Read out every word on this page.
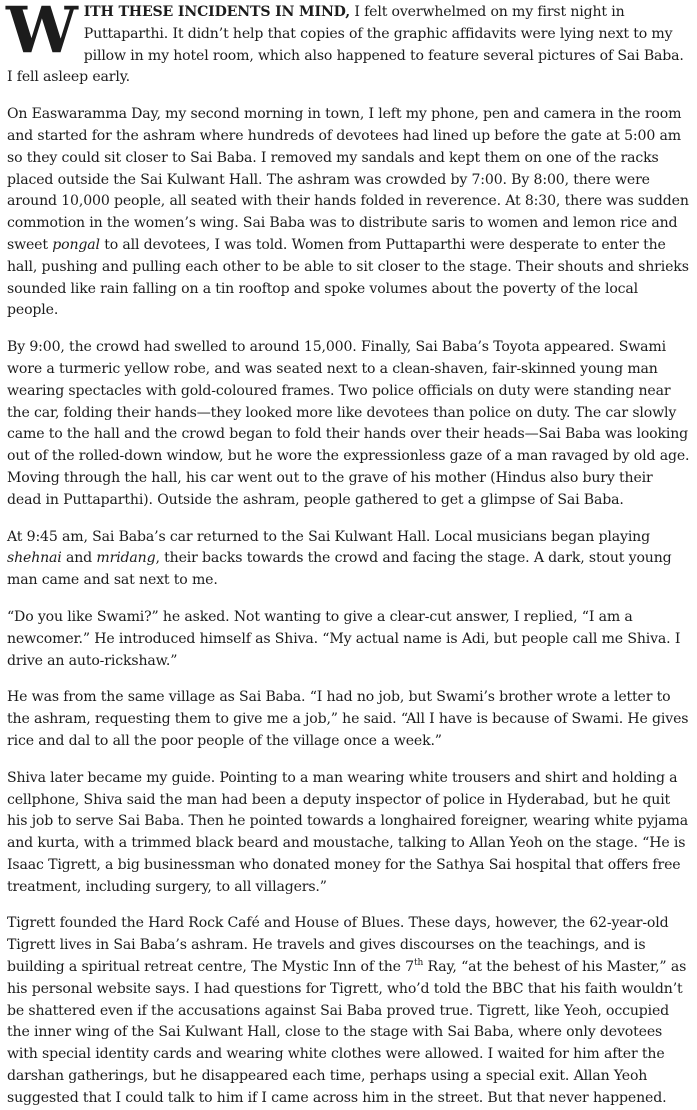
WITH THESE INCIDENTS IN MIND, I felt overwhelmed on my first night in Puttaparthi. It didn’t help that copies of the graphic affidavits were lying next to my pillow in my hotel room, which also happened to feature several pictures of Sai Baba. I fell asleep early.

On Easwaramma Day, my second morning in town, I left my phone, pen and camera in the room and started for the ashram where hundreds of devotees had lined up before the gate at 5:00 am so they could sit closer to Sai Baba. I removed my sandals and kept them on one of the racks placed outside the Sai Kulwant Hall. The ashram was crowded by 7:00. By 8:00, there were around 10,000 people, all seated with their hands folded in reverence. At 8:30, there was sudden commotion in the women’s wing. Sai Baba was to distribute saris to women and lemon rice and sweet pongal to all devotees, I was told. Women from Puttaparthi were desperate to enter the hall, pushing and pulling each other to be able to sit closer to the stage. Their shouts and shrieks sounded like rain falling on a tin rooftop and spoke volumes about the poverty of the local people.

By 9:00, the crowd had swelled to around 15,000. Finally, Sai Baba’s Toyota appeared. Swami wore a turmeric yellow robe, and was seated next to a clean-shaven, fair-skinned young man wearing spectacles with gold-coloured frames. Two police officials on duty were standing near the car, folding their hands—they looked more like devotees than police on duty. The car slowly came to the hall and the crowd began to fold their hands over their heads—Sai Baba was looking out of the rolled-down window, but he wore the expressionless gaze of a man ravaged by old age. Moving through the hall, his car went out to the grave of his mother (Hindus also bury their dead in Puttaparthi). Outside the ashram, people gathered to get a glimpse of Sai Baba.

At 9:45 am, Sai Baba’s car returned to the Sai Kulwant Hall. Local musicians began playing shehnai and mridang, their backs towards the crowd and facing the stage. A dark, stout young man came and sat next to me.

“Do you like Swami?” he asked. Not wanting to give a clear-cut answer, I replied, “I am a newcomer.” He introduced himself as Shiva. “My actual name is Adi, but people call me Shiva. I drive an auto-rickshaw.”

He was from the same village as Sai Baba. “I had no job, but Swami’s brother wrote a letter to the ashram, requesting them to give me a job,” he said. “All I have is because of Swami. He gives rice and dal to all the poor people of the village once a week.”

Shiva later became my guide. Pointing to a man wearing white trousers and shirt and holding a cellphone, Shiva said the man had been a deputy inspector of police in Hyderabad, but he quit his job to serve Sai Baba. Then he pointed towards a longhaired foreigner, wearing white pyjama and kurta, with a trimmed black beard and moustache, talking to Allan Yeoh on the stage. “He is Isaac Tigrett, a big businessman who donated money for the Sathya Sai hospital that offers free treatment, including surgery, to all villagers.”

Tigrett founded the Hard Rock Café and House of Blues. These days, however, the 62-year-old Tigrett lives in Sai Baba’s ashram. He travels and gives discourses on the teachings, and is building a spiritual retreat centre, The Mystic Inn of the 7th Ray, “at the behest of his Master,” as his personal website says. I had questions for Tigrett, who’d told the BBC that his faith wouldn’t be shattered even if the accusations against Sai Baba proved true. Tigrett, like Yeoh, occupied the inner wing of the Sai Kulwant Hall, close to the stage with Sai Baba, where only devotees with special identity cards and wearing white clothes were allowed. I waited for him after the darshan gatherings, but he disappeared each time, perhaps using a special exit. Allan Yeoh suggested that I could talk to him if I came across him in the street. But that never happened.
